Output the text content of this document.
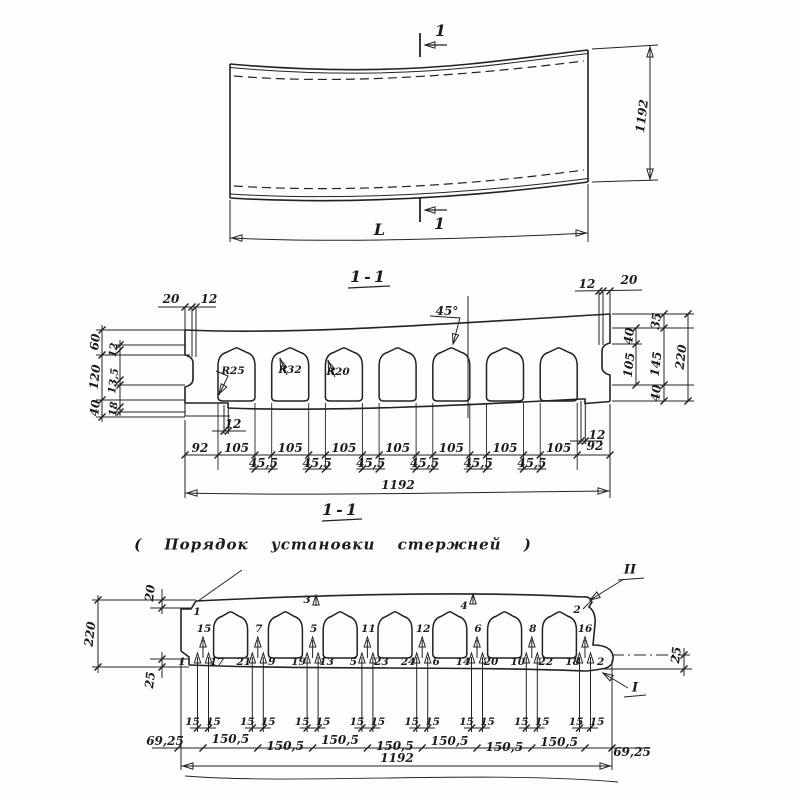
1
1
1192
L
1-1
45°
92	92
1192
12
12
1-1
( Порядок установки стержней )
II
I
20
220
25
25
69,25
69,25
1192
105 105 105 105 105 105 105
45,5 45,5 45,5 45,5 45,5 45,5
60
120
40
12
13,5
18
35
40
105 145 220
40
20 12
12 20
R25	R32 R20
1
3	4	2
15	7	5	11	12	6	8	16
1 17 21 9 19 13 5 23 24 6 14 20 10 22 18 2
15 15 15 15 15 15 15 15 15 15 15 15 15 15 15 15
150,5 150,5 150,5 150,5 150,5 150,5 150,5
